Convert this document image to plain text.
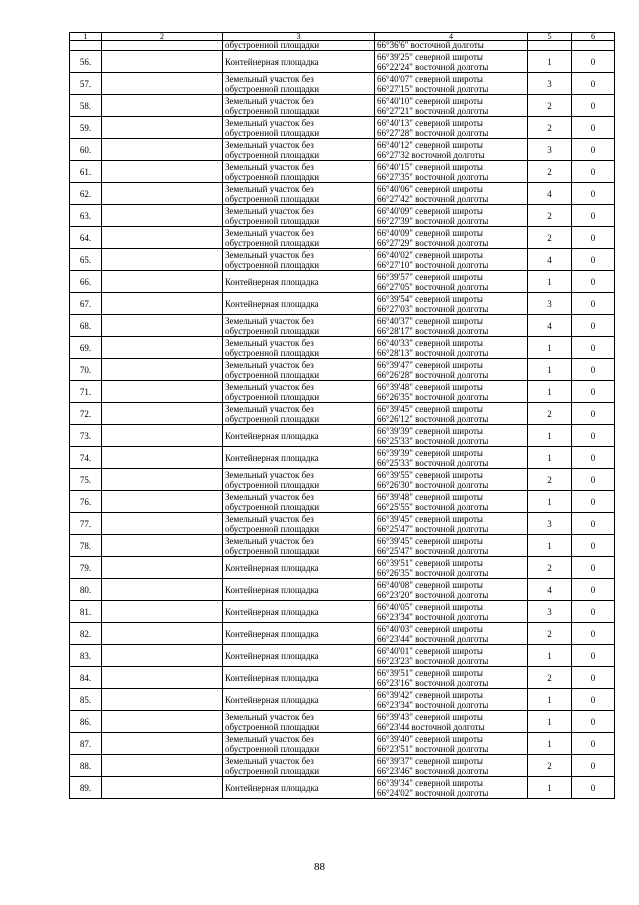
1	2	3	4	5	6
		обустроенной площадки	66°36'6" восточной долготы		
56.		Контейнерная площадка	66°39'25" северной широты
66°22'24" восточной долготы	1	0
57.		Земельный участок без
обустроенной площадки	66°40'07" северной широты
66°27'15" восточной долготы	3	0
58.		Земельный участок без
обустроенной площадки	66°40'10" северной широты
66°27'21" восточной долготы	2	0
59.		Земельный участок без
обустроенной площадки	66°40'13" северной широты
66°27'28" восточной долготы	2	0
60.		Земельный участок без
обустроенной площадки	66°40'12" северной широты
66°27'32 восточной долготы	3	0
61.		Земельный участок без
обустроенной площадки	66°40'15" северной широты
66°27'35" восточной долготы	2	0
62.		Земельный участок без
обустроенной площадки	66°40'06" северной широты
66°27'42" восточной долготы	4	0
63.		Земельный участок без
обустроенной площадки	66°40'09" северной широты
66°27'39" восточной долготы	2	0
64.		Земельный участок без
обустроенной площадки	66°40'09" северной широты
66°27'29" восточной долготы	2	0
65.		Земельный участок без
обустроенной площадки	66°40'02" северной широты
66°27'10" восточной долготы	4	0
66.		Контейнерная площадка	66°39'57" северной широты
66°27'05" восточной долготы	1	0
67.		Контейнерная площадка	66°39'54" северной широты
66°27'03" восточной долготы	3	0
68.		Земельный участок без
обустроенной площадки	66°40'37" северной широты
66°28'17" восточной долготы	4	0
69.		Земельный участок без
обустроенной площадки	66°40'33" северной широты
66°28'13" восточной долготы	1	0
70.		Земельный участок без
обустроенной площадки	66°39'47" северной широты
66°26'28" восточной долготы	1	0
71.		Земельный участок без
обустроенной площадки	66°39'48" северной широты
66°26'35" восточной долготы	1	0
72.		Земельный участок без
обустроенной площадки	66°39'45" северной широты
66°26'12" восточной долготы	2	0
73.		Контейнерная площадка	66°39'39" северной широты
66°25'33" восточной долготы	1	0
74.		Контейнерная площадка	66°39'39" северной широты
66°25'33" восточной долготы	1	0
75.		Земельный участок без
обустроенной площадки	66°39'55" северной широты
66°26'30" восточной долготы	2	0
76.		Земельный участок без
обустроенной площадки	66°39'48" северной широты
66°25'55" восточной долготы	1	0
77.		Земельный участок без
обустроенной площадки	66°39'45" северной широты
66°25'47" восточной долготы	3	0
78.		Земельный участок без
обустроенной площадки	66°39'45" северной широты
66°25'47" восточной долготы	1	0
79.		Контейнерная площадка	66°39'51" северной широты
66°26'35" восточной долготы	2	0
80.		Контейнерная площадка	66°40'08" северной широты
66°23'20" восточной долготы	4	0
81.		Контейнерная площадка	66°40'05" северной широты
66°23'34" восточной долготы	3	0
82.		Контейнерная площадка	66°40'03" северной широты
66°23'44" восточной долготы	2	0
83.		Контейнерная площадка	66°40'01" северной широты
66°23'23" восточной долготы	1	0
84.		Контейнерная площадка	66°39'51" северной широты
66°23'16" восточной долготы	2	0
85.		Контейнерная площадка	66°39'42" северной широты
66°23'34" восточной долготы	1	0
86.		Земельный участок без
обустроенной площадки	66°39'43" северной широты
66°23'44 восточной долготы	1	0
87.		Земельный участок без
обустроенной площадки	66°39'40" северной широты
66°23'51" восточной долготы	1	0
88.		Земельный участок без
обустроенной площадки	66°39'37" северной широты
66°23'46" восточной долготы	2	0
89.		Контейнерная площадка	66°39'34" северной широты
66°24'02" восточной долготы	1	0
88
